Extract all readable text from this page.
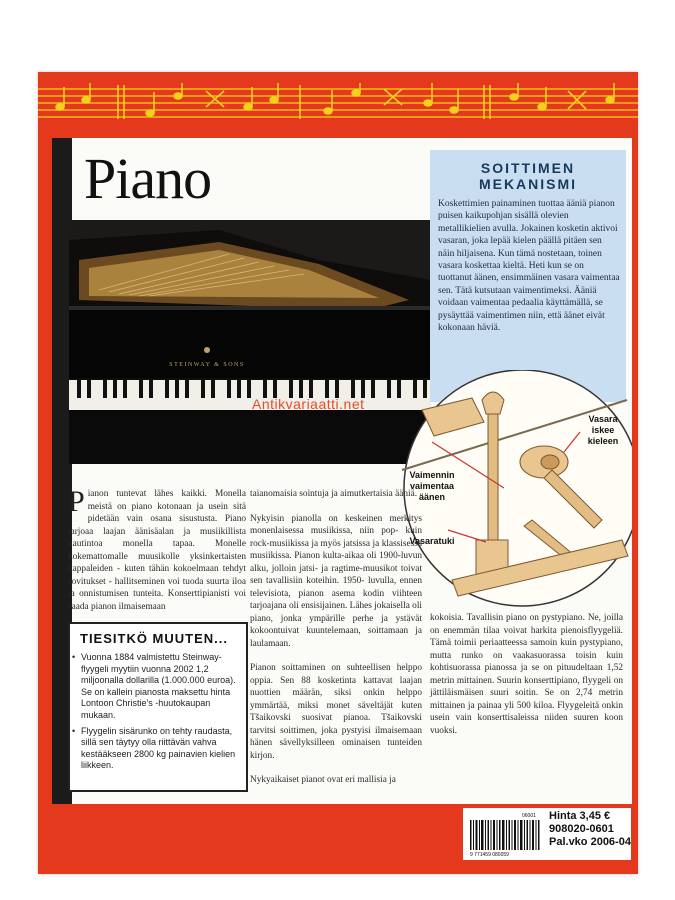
ORKESTERI Piano
STEINWAY & SONS
SOITTIMEN MEKANISMI

Koskettimien painaminen tuottaa ääniä pianon puisen kaikupohjan sisällä olevien metallikielien avulla. Jokainen kosketin aktivoi vasaran, joka lepää kielen päällä pitäen sen näin hiljaisena. Kun tämä nostetaan, toinen vasara koskettaa kieltä. Heti kun se on tuottanut äänen, ensimmäinen vasara vaimentaa sen. Tätä kutsutaan vaimentimeksi. Ääniä voidaan vaimentaa pedaalia käyttämällä, se pysäyttää vaimentimen niin, että äänet eivät kokonaan häviä.

Vaimennin vaimentaa äänen
Vasara iskee kieleen
Vasaratuki
Antikvariaatti.net

Pianon tuntevat lähes kaikki. Monella meistä on piano kotonaan ja usein sitä pidetään vain osana sisustusta. Piano tarjoaa laajan äänisäalan ja musiikillista nautintoa monella tapaa. Monelle kokemattomalle muusikolle yksinkertaisten kappaleiden - kuten tähän kokoelmaan tehdyt sovitukset - hallitseminen voi tuoda suurta iloa ja onnistumisen tunteita. Konserttipianisti voi saada pianon ilmaisemaan

taianomaisia sointuja ja aimutkertaisia ääniä.

Nykyisin pianolla on keskeinen merkitys monenlaisessa musiikissa, niin pop- kuin rock-musiikissa ja myös jatsissa ja klassisessa musiikissa. Pianon kulta-aikaa oli 1900-luvun alku, jolloin jatsi- ja ragtime-muusikot toivat sen tavallisiin koteihin. 1950- luvulla, ennen televisiota, pianon asema kodin viihteen tarjoajana oli ensisijainen. Lähes jokaisella oli piano, jonka ympärille perhe ja ystävät kokoontuivat kuuntelemaan, soittamaan ja laulamaan.

Pianon soittaminen on suhteellisen helppo oppia. Sen 88 kosketinta kattavat laajan nuottien määrän, siksi onkin helppo ymmärtää, miksi monet säveltäjät kuten Tšaikovski suosivat pianoa. Tšaikovski tarvitsi soittimen, joka pystyisi ilmaisemaan hänen sävellyksilleen ominaisen tunteiden kirjon.

Nykyaikaiset pianot ovat eri mallisia ja

kokoisia. Tavallisin piano on pystypiano. Ne, joilla on enemmän tilaa voivat harkita pienoisflyygeliä. Tämä toimii periaatteessa samoin kuin pystypiano, mutta runko on vaakasuorassa toisin kuin kohtisuorassa pianossa ja se on pituudeltaan 1,52 metrin mittainen. Suurin konserttipiano, flyygeli on jättiläismäisen suuri soitin. Se on 2,74 metrin mittainen ja painaa yli 500 kiloa. Flyygeleitä onkin usein vain konserttisaleissa niiden suuren koon vuoksi.

TIESITKÖ MUUTEN...
• Vuonna 1884 valmistettu Steinway-flyygeli myytiin vuonna 2002 1,2 miljoonalla dollarilla (1.000.000 euroa). Se on kallein pianosta maksettu hinta Lontoon Christie's -huutokaupan mukaan.
• Flyygelin sisärunko on tehty raudasta, sillä sen täytyy olla riittävän vahva kestääkseen 2800 kg painavien kielien liikkeen.
06001
9 771459 080059
Hinta 3,45 €
908020-0601
Pal.vko 2006-04
